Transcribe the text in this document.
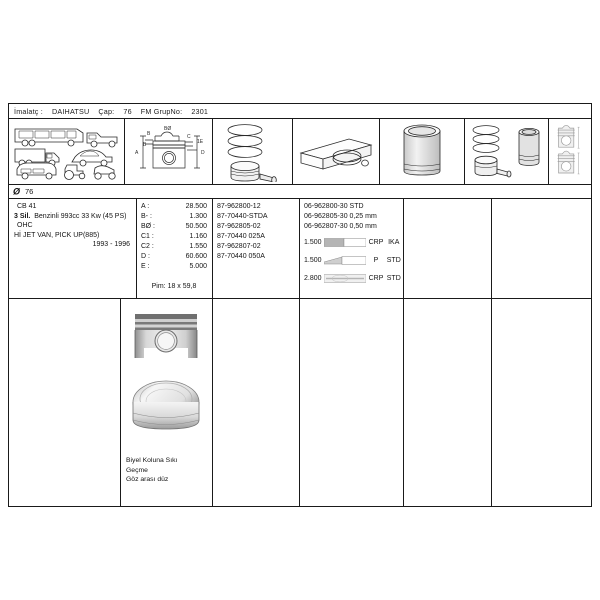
İmalatç : DAIHATSU Çap: 76 FM GrupNo: 2301
A
B
B
BØ
C
D
1E
Ø 76
CB 41
3 Sil. Benzinli 993cc 33 Kw (45 PS)
OHC
Hİ JET VAN, PICK UP(885)
1993 - 1996
A :	28.500
B- :	1.300
BØ :	50.500
C1 :	1.160
C2 :	1.550
D :	60.600
E :	5.000
Pim: 18 x 59,8
87-962800-12
87-70440-STDA
87-962805-02
87-70440 025A
87-962807-02
87-70440 050A
06-962800-30 STD
06-962805-30 0,25 mm
06-962807-30 0,50 mm
1.500	CRP IKA
1.500	P	STD
2.800	CRP STD
Biyel Koluna Sıkı
Geçme
Göz arası düz
